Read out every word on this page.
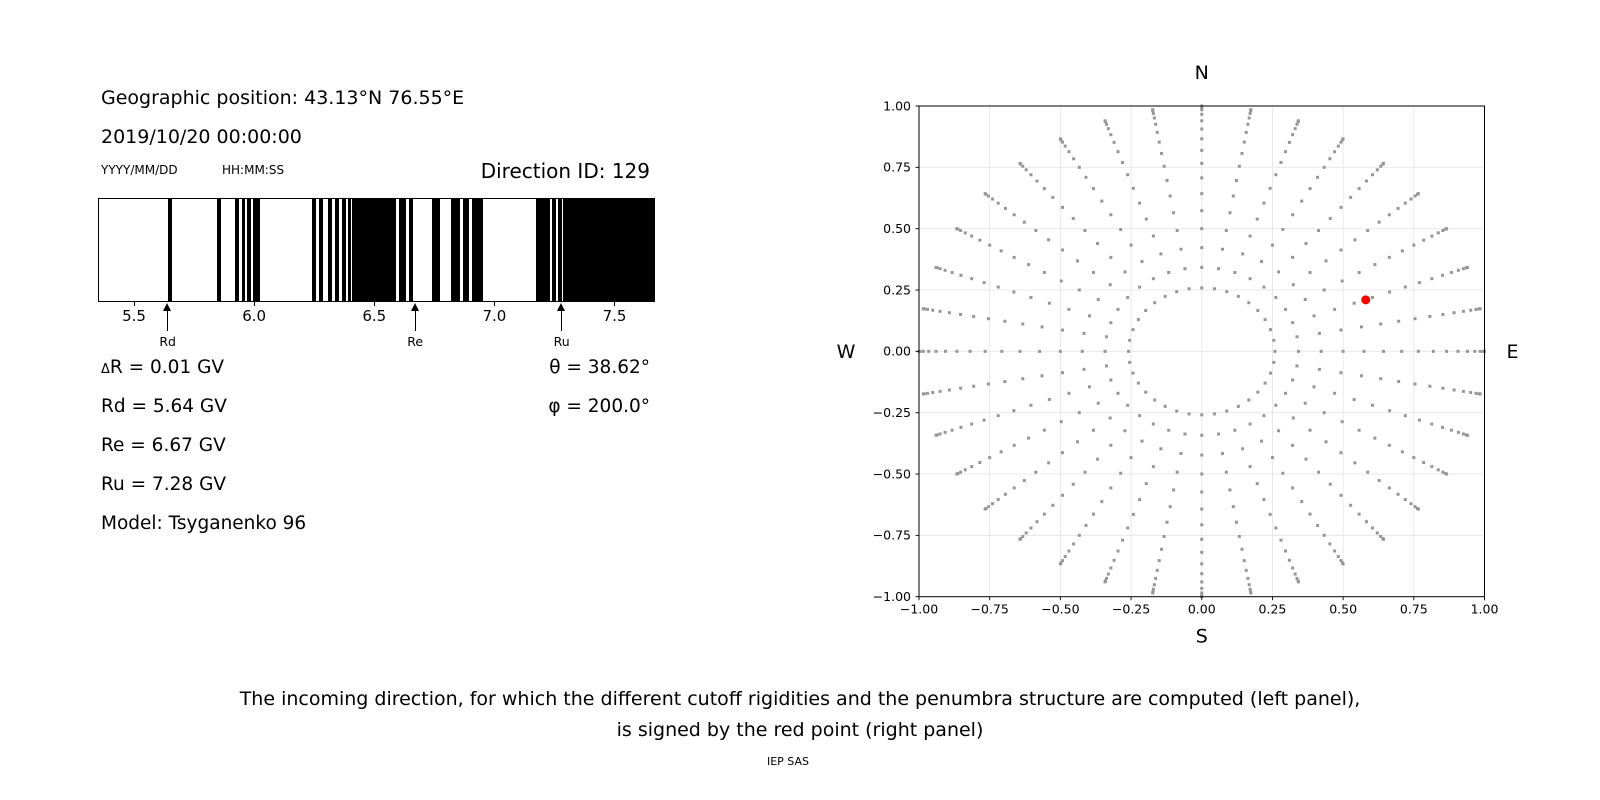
Geographic position: 43.13°N 76.55°E
2019/10/20 00:00:00
YYYY/MM/DD	HH:MM:SS	Direction ID: 129
5.5	6.0	6.5	7.0	7.5
Rd	Re	Ru
ΔR = 0.01 GV
Rd = 5.64 GV
Re = 6.67 GV
Ru = 7.28 GV
Model: Tsyganenko 96
θ = 38.62°
φ = 200.0°
−1.00	−0.75	−0.50	−0.25	0.00	0.25	0.50	0.75	1.00
−1.00
−0.75
−0.50
−0.25
0.00
0.25
0.50
0.75
1.00
N
S
W	E
The incoming direction, for which the different cutoff rigidities and the penumbra structure are computed (left panel),
is signed by the red point (right panel)
IEP SAS
